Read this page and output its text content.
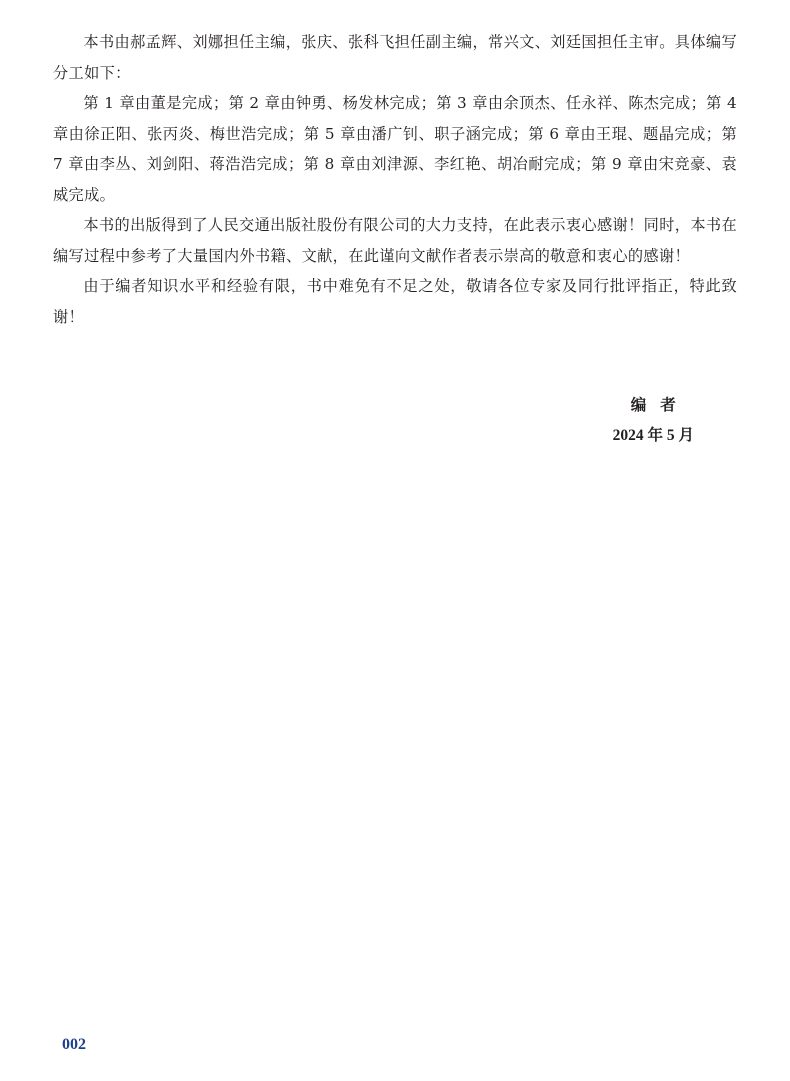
本书由郝孟辉、刘娜担任主编，张庆、张科飞担任副主编，常兴文、刘廷国担任主审。具体编写分工如下：

第 1 章由董是完成；第 2 章由钟勇、杨发林完成；第 3 章由余顶杰、任永祥、陈杰完成；第 4 章由徐正阳、张丙炎、梅世浩完成；第 5 章由潘广钊、职子涵完成；第 6 章由王琨、题晶完成；第 7 章由李丛、刘剑阳、蒋浩浩完成；第 8 章由刘津源、李红艳、胡冶耐完成；第 9 章由宋竞豪、袁威完成。

本书的出版得到了人民交通出版社股份有限公司的大力支持，在此表示衷心感谢！同时，本书在编写过程中参考了大量国内外书籍、文献，在此谨向文献作者表示崇高的敬意和衷心的感谢！

由于编者知识水平和经验有限，书中难免有不足之处，敬请各位专家及同行批评指正，特此致谢！

编者
2024 年 5 月
002
